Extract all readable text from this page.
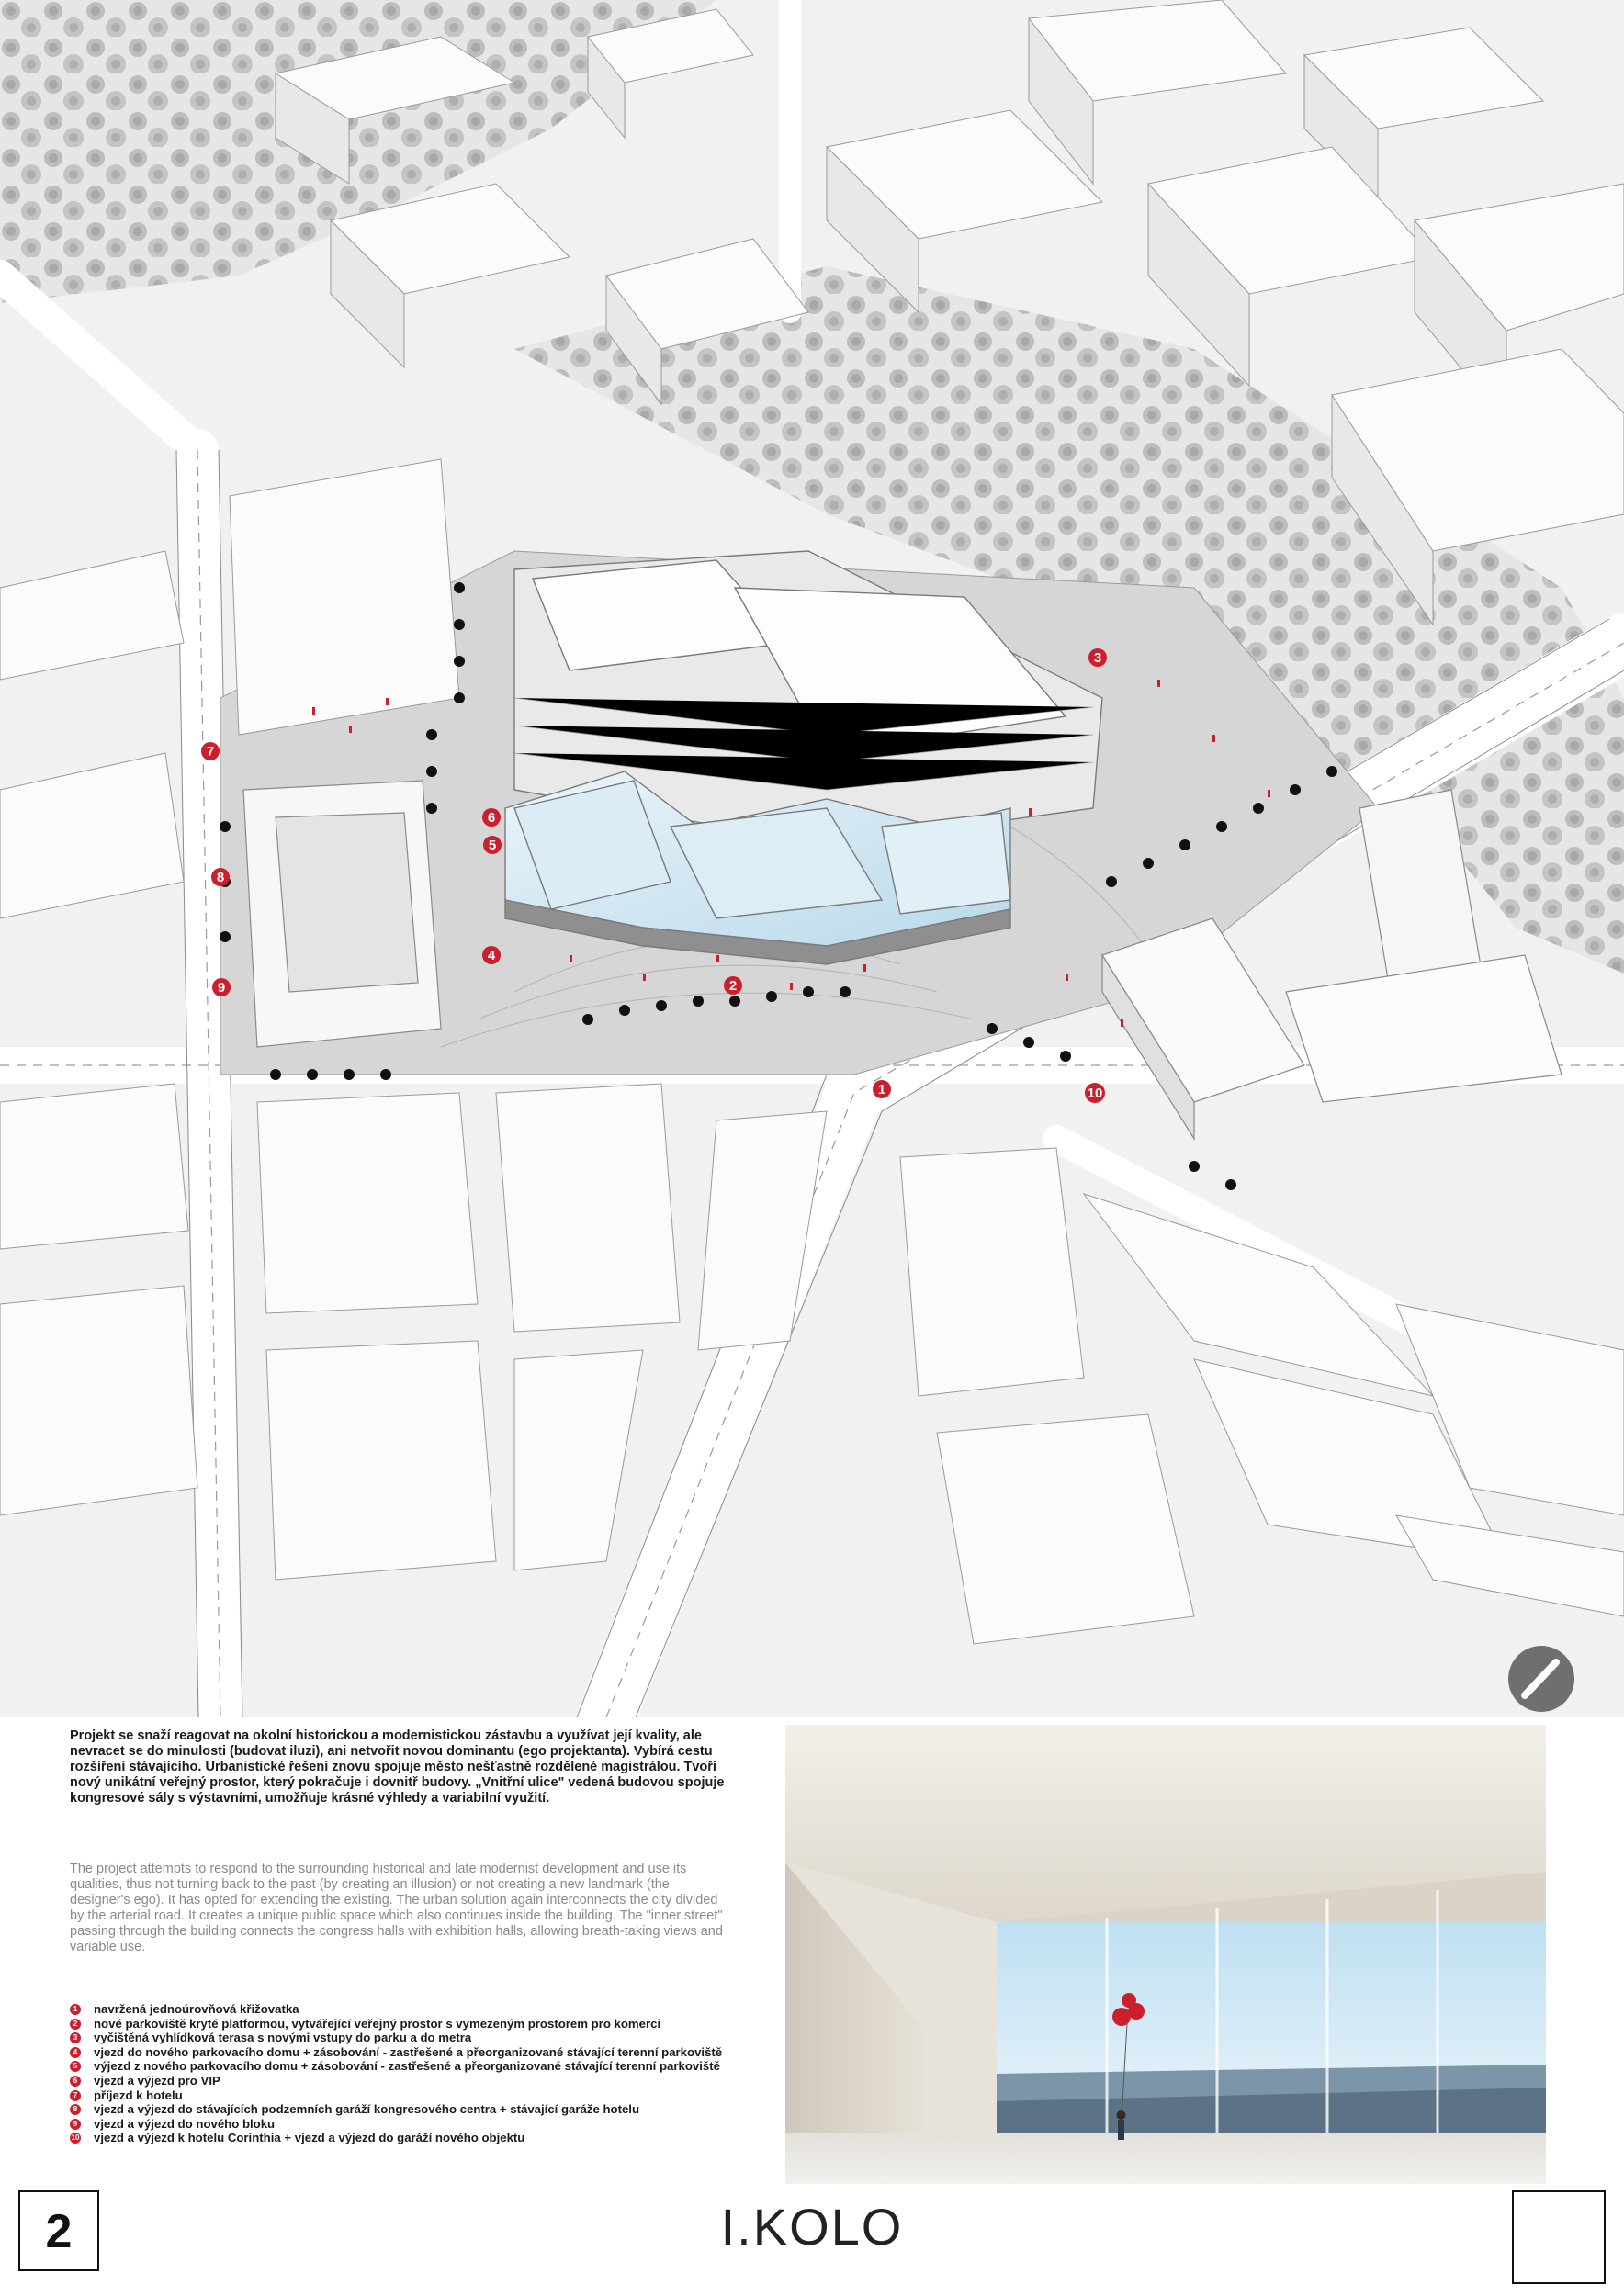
1
2
3
4
5
6
7
8
9
10
Projekt se snaží reagovat na okolní historickou a modernistickou zástavbu a využívat její kvality, ale nevracet se do minulosti (budovat iluzi), ani netvořit novou dominantu (ego projektanta). Vybírá cestu rozšíření stávajícího. Urbanistické řešení znovu spojuje město nešťastně rozdělené magistrálou. Tvoří nový unikátní veřejný prostor, který pokračuje i dovnitř budovy. „Vnitřní ulice" vedená budovou spojuje kongresové sály s výstavními, umožňuje krásné výhledy a variabilní využití.
The project attempts to respond to the surrounding historical and late modernist development and use its qualities, thus not turning back to the past (by creating an illusion) or not creating a new landmark (the designer's ego). It has opted for extending the existing. The urban solution again interconnects the city divided by the arterial road. It creates a unique public space which also continues inside the building. The "inner street" passing through the building connects the congress halls with exhibition halls, allowing breath-taking views and variable use.
1 navržená jednoúrovňová křižovatka
2 nové parkoviště kryté platformou, vytvářející veřejný prostor s vymezeným prostorem pro komerci
3 vyčištěná vyhlídková terasa s novými vstupy do parku a do metra
4 vjezd do nového parkovacího domu + zásobování - zastřešené a přeorganizované stávající terenní parkoviště
5 výjezd z nového parkovacího domu + zásobování - zastřešené a přeorganizované stávající terenní parkoviště
6 vjezd a výjezd pro VIP
7 příjezd k hotelu
8 vjezd a výjezd do stávajících podzemních garáží kongresového centra + stávající garáže hotelu
9 vjezd a výjezd do nového bloku
10 vjezd a výjezd k hotelu Corinthia + vjezd a výjezd do garáží nového objektu
2	I.KOLO
